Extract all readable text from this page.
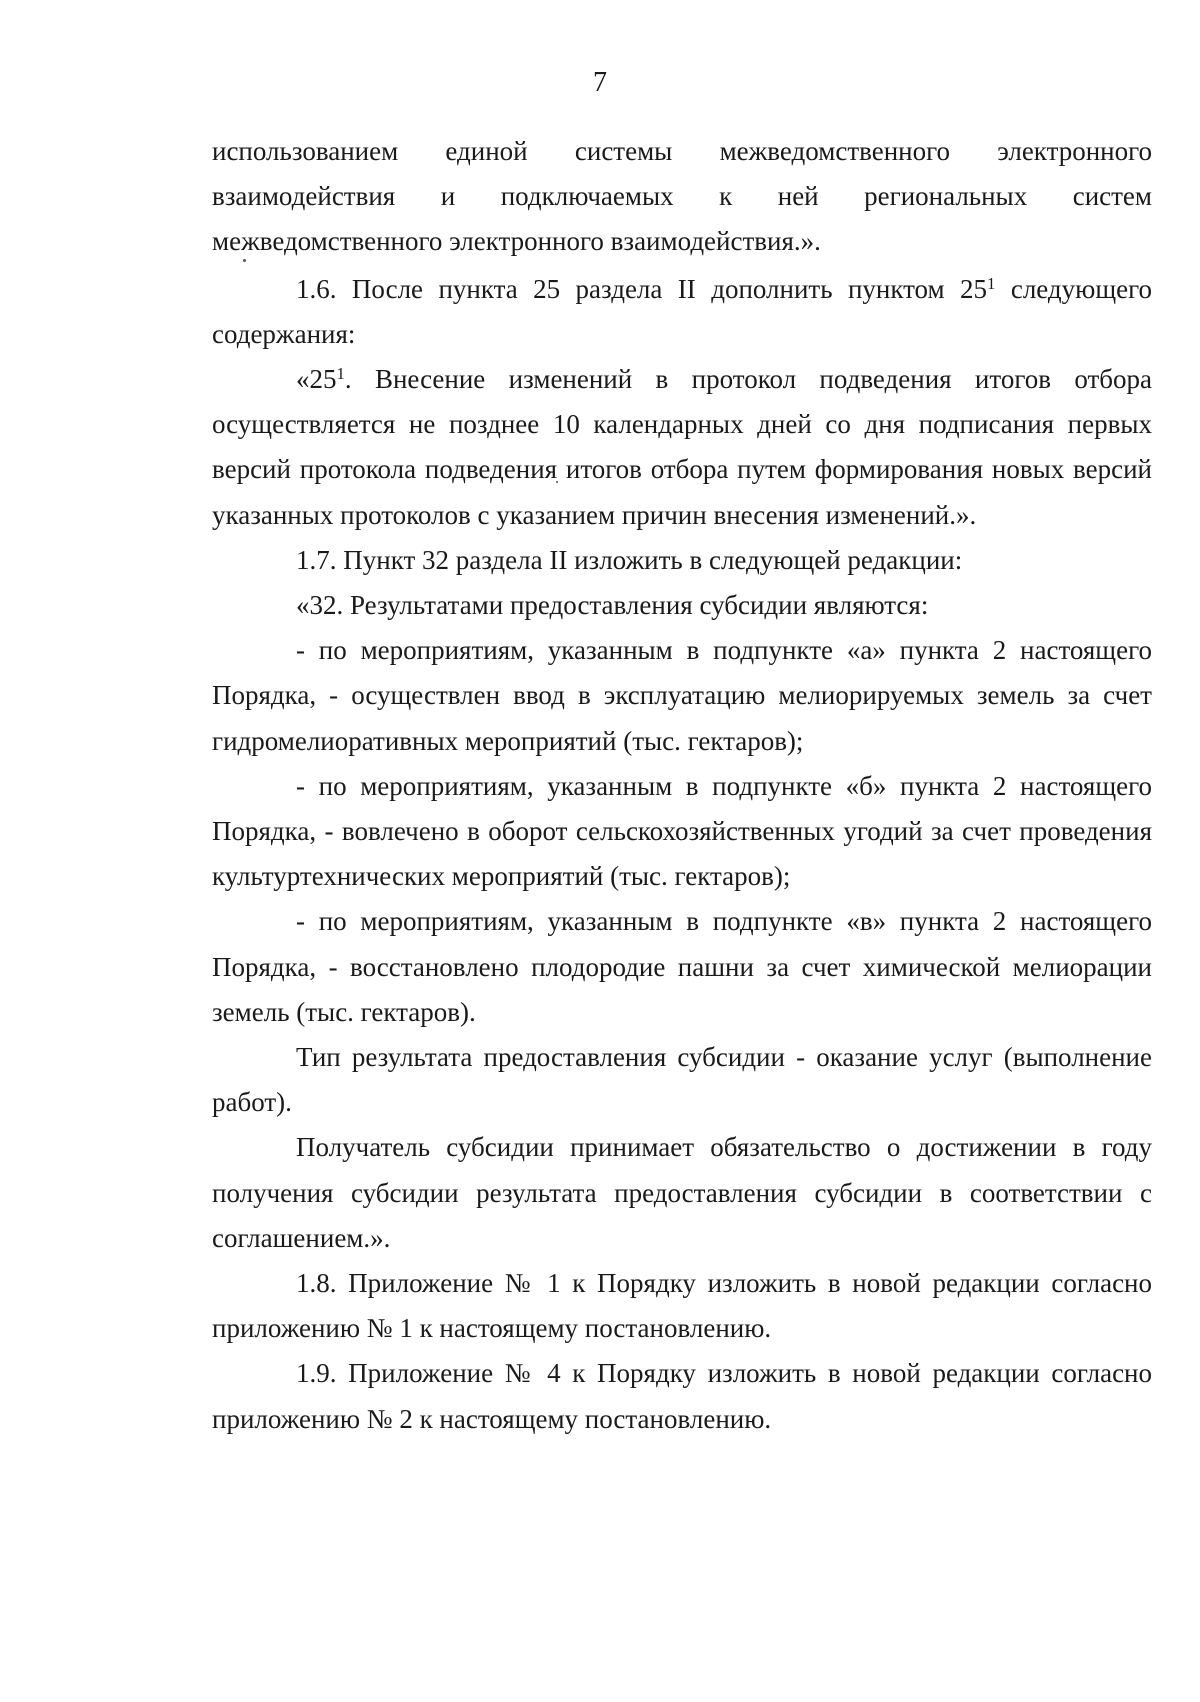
7

использованием единой системы межведомственного электронного взаимодействия и подключаемых к ней региональных систем межведомственного электронного взаимодействия.».

1.6. После пункта 25 раздела II дополнить пунктом $25^1$ следующего содержания:

«$25^1$. Внесение изменений в протокол подведения итогов отбора осуществляется не позднее 10 календарных дней со дня подписания первых версий протокола подведения итогов отбора путем формирования новых версий указанных протоколов с указанием причин внесения изменений.».

1.7. Пункт 32 раздела II изложить в следующей редакции:

«32. Результатами предоставления субсидии являются:

- по мероприятиям, указанным в подпункте «а» пункта 2 настоящего Порядка, - осуществлен ввод в эксплуатацию мелиорируемых земель за счет гидромелиоративных мероприятий (тыс. гектаров);

- по мероприятиям, указанным в подпункте «б» пункта 2 настоящего Порядка, - вовлечено в оборот сельскохозяйственных угодий за счет проведения культуртехнических мероприятий (тыс. гектаров);

- по мероприятиям, указанным в подпункте «в» пункта 2 настоящего Порядка, - восстановлено плодородие пашни за счет химической мелиорации земель (тыс. гектаров).

Тип результата предоставления субсидии - оказание услуг (выполнение работ).

Получатель субсидии принимает обязательство о достижении в году получения субсидии результата предоставления субсидии в соответствии с соглашением.».

1.8. Приложение № 1 к Порядку изложить в новой редакции согласно приложению № 1 к настоящему постановлению.

1.9. Приложение № 4 к Порядку изложить в новой редакции согласно приложению № 2 к настоящему постановлению.
